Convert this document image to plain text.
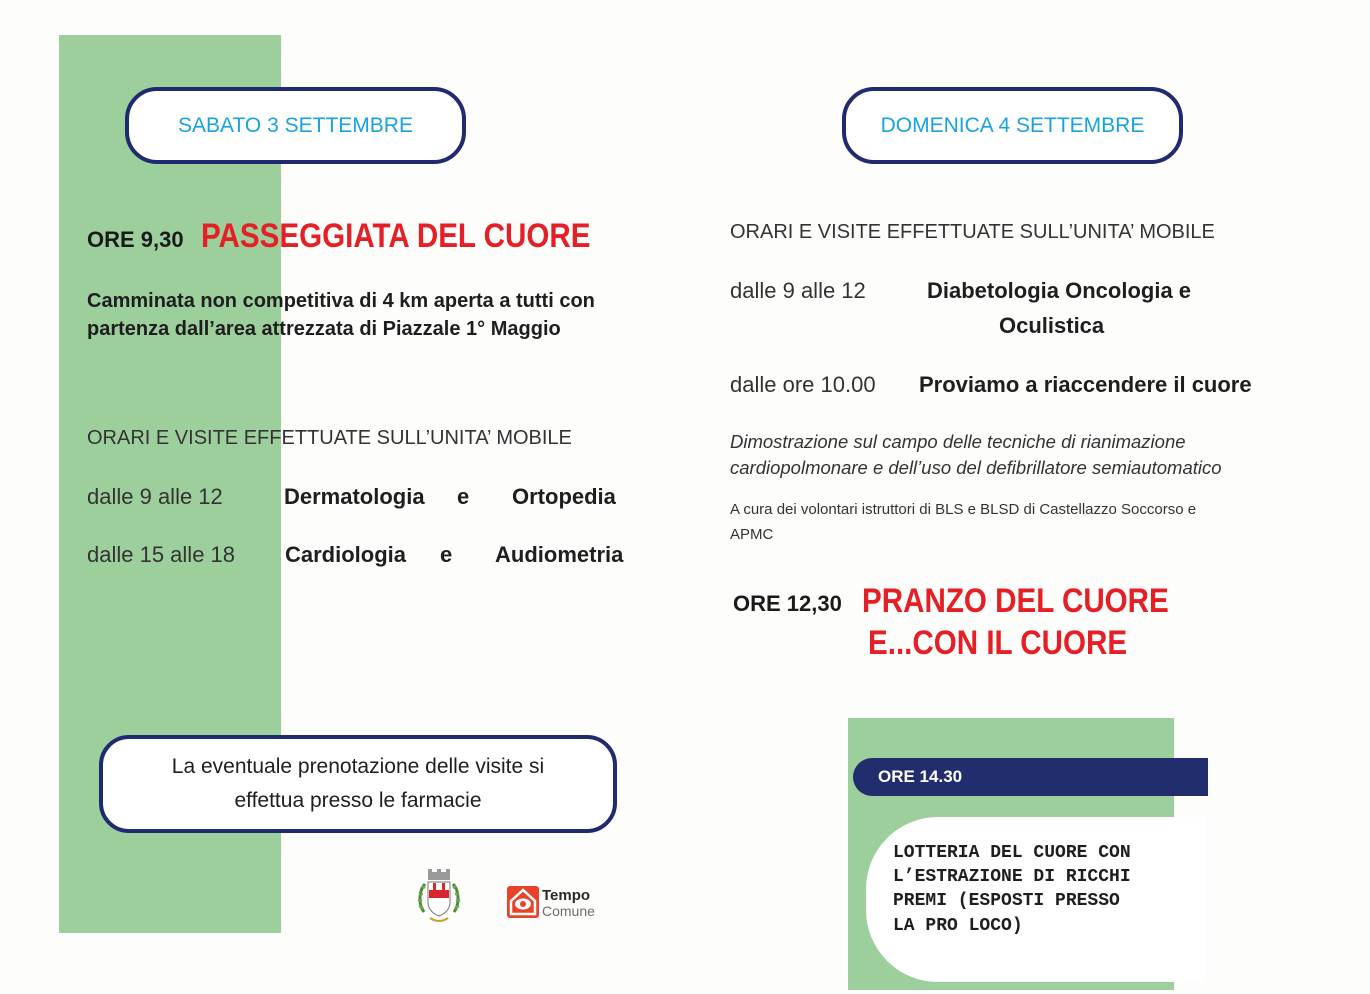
SABATO 3 SETTEMBRE
ORE 9,30 PASSEGGIATA DEL CUORE
Camminata non competitiva di 4 km aperta a tutti con
partenza dall’area attrezzata di Piazzale 1° Maggio
ORARI E VISITE EFFETTUATE SULL’UNITA’ MOBILE
dalle 9 alle 12	Dermatologia e Ortopedia
dalle 15 alle 18 Cardiologia e Audiometria
La eventuale prenotazione delle visite si
effettua presso le farmacie
Tempo
Comune
DOMENICA 4 SETTEMBRE
ORARI E VISITE EFFETTUATE SULL’UNITA’ MOBILE
dalle 9 alle 12	Diabetologia Oncologia e
Oculistica
dalle ore 10.00 Proviamo a riaccendere il cuore
Dimostrazione sul campo delle tecniche di rianimazione
cardiopolmonare e dell’uso del defibrillatore semiautomatico
A cura dei volontari istruttori di BLS e BLSD di Castellazzo Soccorso e
APMC
ORE 12,30 PRANZO DEL CUORE
E...CON IL CUORE
ORE 14.30
LOTTERIA DEL CUORE CON
L’ESTRAZIONE DI RICCHI
PREMI (ESPOSTI PRESSO
LA PRO LOCO)
